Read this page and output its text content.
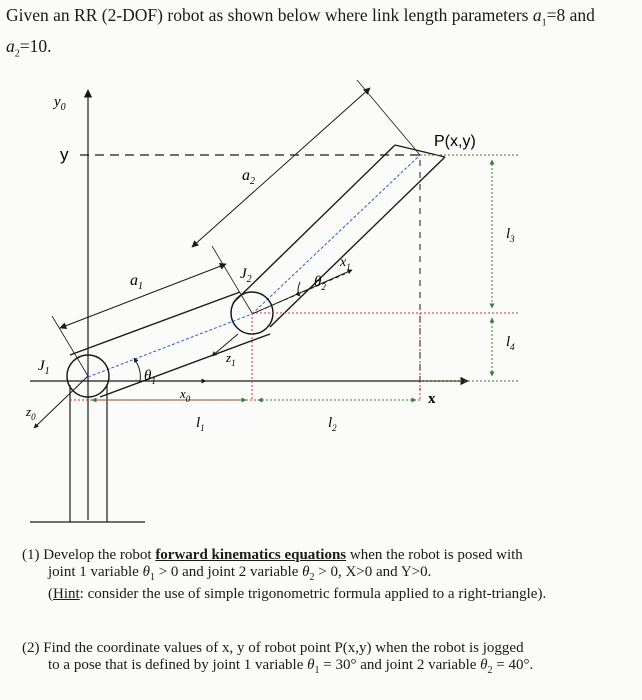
Given an RR (2-DOF) robot as shown below where link length parameters $a_1=8$ and
$a_2=10$.
$y_0$
y
x
$z_0$
$x_0$
$x_1$
$z_1$
$J_1$
$J_2$
$a_1$
$a_2$
$\theta_1$
$\theta_2$
P(x,y)
$l_1$	$l_2$
$l_3$
$l_4$
(1) Develop the robot forward kinematics equations when the robot is posed with
joint 1 variable $\theta_1 > 0$ and joint 2 variable $\theta_2 > 0$, X>0 and Y>0.
(Hint: consider the use of simple trigonometric formula applied to a right-triangle).
(2) Find the coordinate values of x, y of robot point P(x,y) when the robot is jogged
to a pose that is defined by joint 1 variable $\theta_1 = 30^\circ$ and joint 2 variable $\theta_2 = 40^\circ$.
